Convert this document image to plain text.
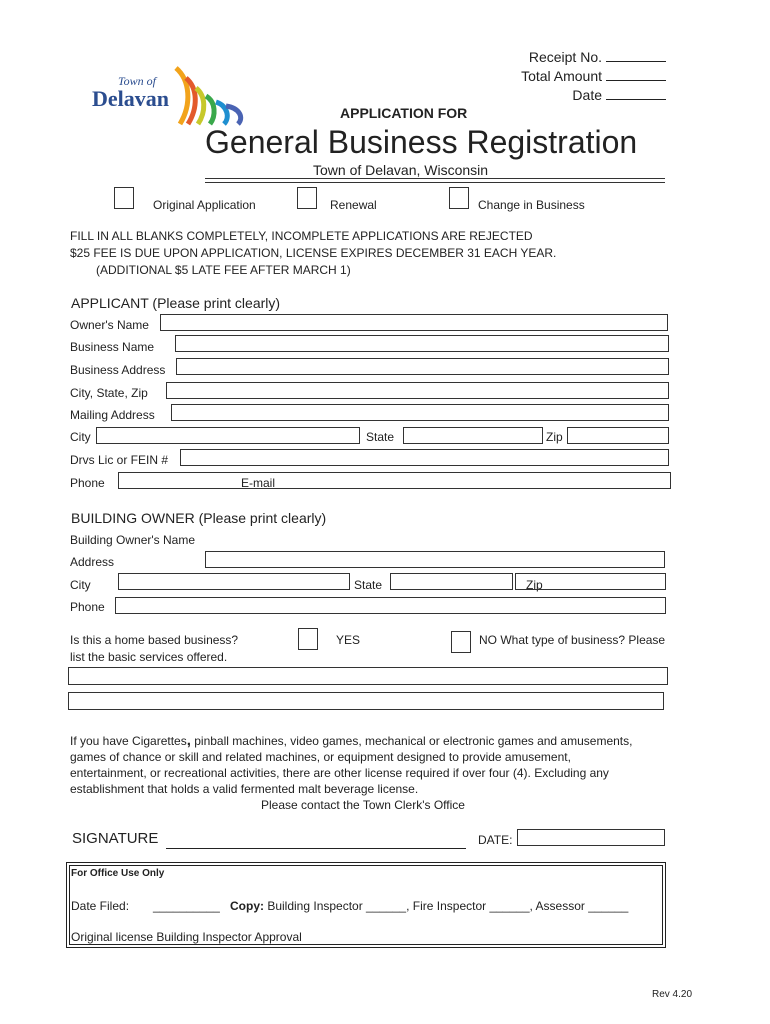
Town of
Delavan
Receipt No.
Total Amount
Date
APPLICATION FOR
General Business Registration
Town of Delavan, Wisconsin
Original Application	Renewal	Change in Business
FILL IN ALL BLANKS COMPLETELY, INCOMPLETE APPLICATIONS ARE REJECTED
$25 FEE IS DUE UPON APPLICATION, LICENSE EXPIRES DECEMBER 31 EACH YEAR.
(ADDITIONAL $5 LATE FEE AFTER MARCH 1)
APPLICANT (Please print clearly)
Owner's Name
Business Name
Business Address
City, State, Zip
Mailing Address
City	State	Zip
Drvs Lic or FEIN #
Phone	E-mail
BUILDING OWNER (Please print clearly)
Building Owner's Name
Address
City	State	Zip
Phone
Is this a home based business?
list the basic services offered.
YES	NO What type of business? Please
If you have Cigarettes, pinball machines, video games, mechanical or electronic games and amusements,
games of chance or skill and related machines, or equipment designed to provide amusement,
entertainment, or recreational activities, there are other license required if over four (4). Excluding any
establishment that holds a valid fermented malt beverage license.
Please contact the Town Clerk's Office
SIGNATURE	DATE:
For Office Use Only
Date Filed: __________ Copy: Building Inspector ______, Fire Inspector ______, Assessor ______
Original license Building Inspector Approval
Rev 4.20
